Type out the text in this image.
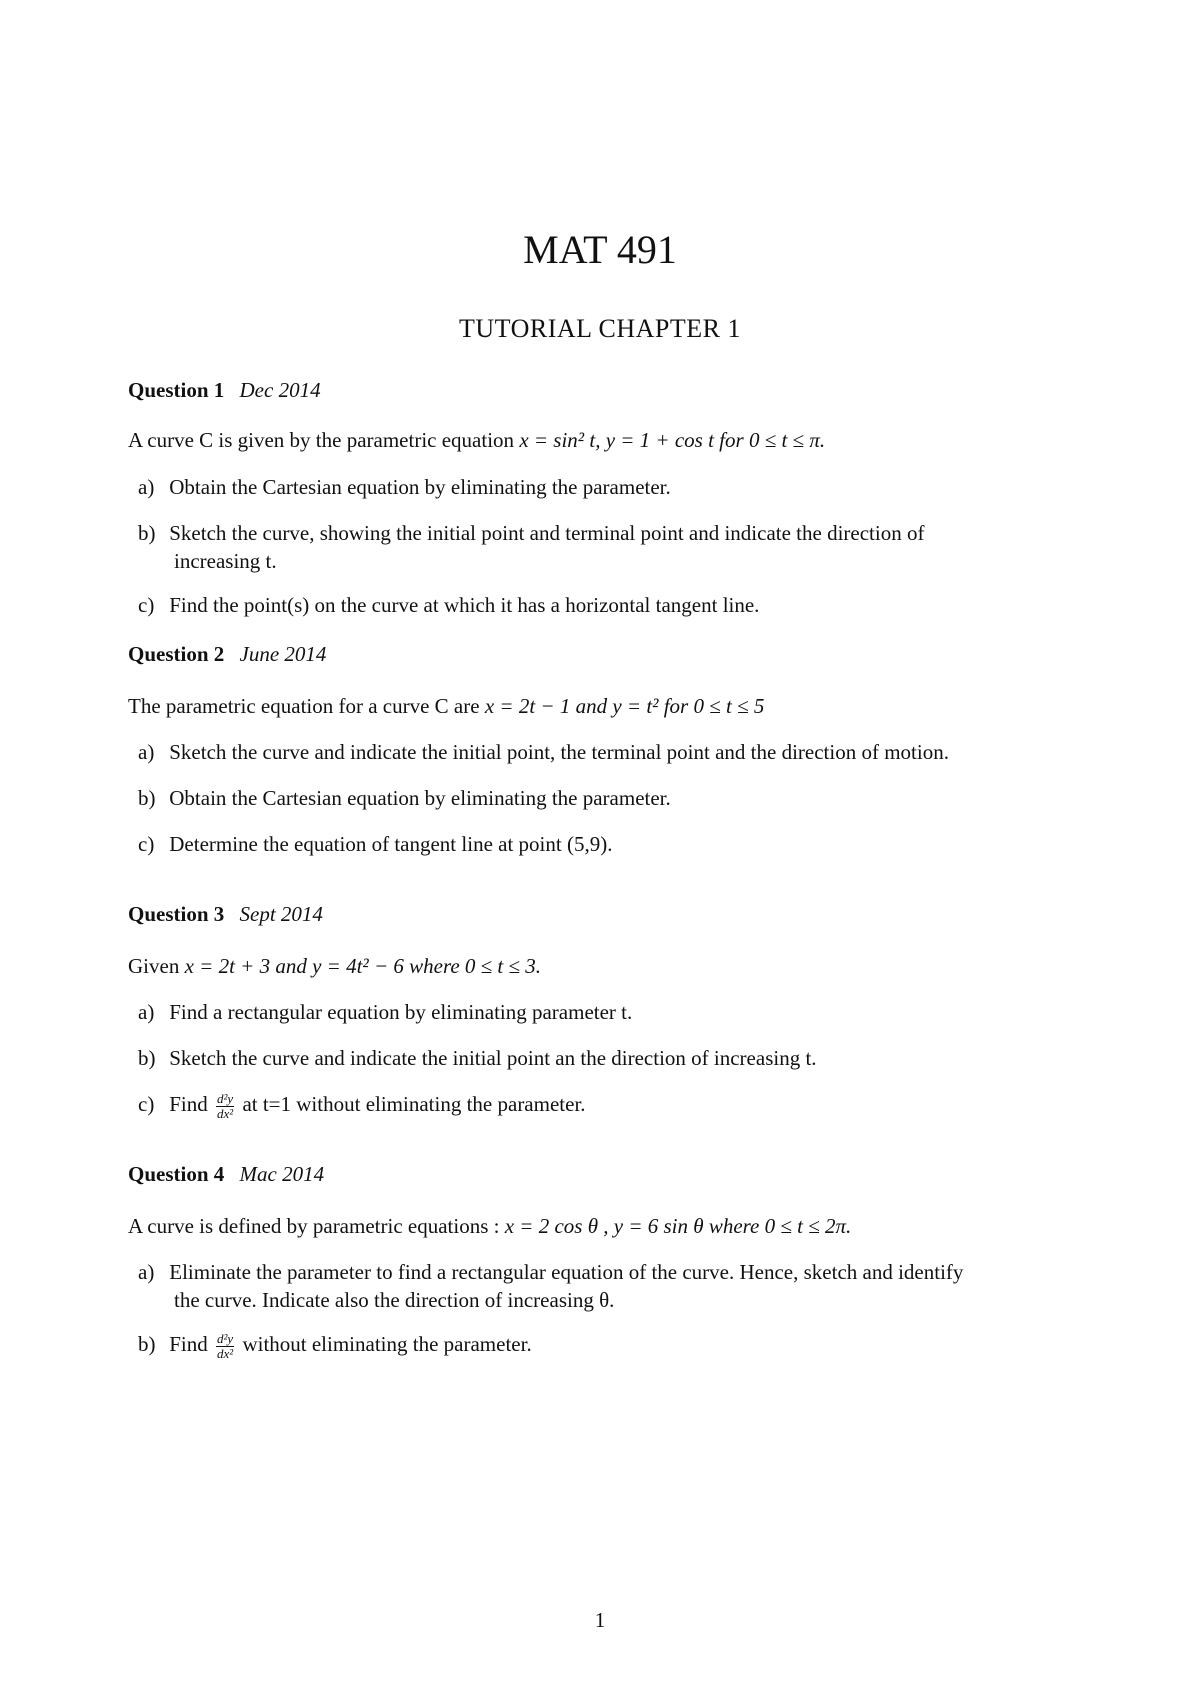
MAT 491
TUTORIAL CHAPTER 1

Question 1 Dec 2014

A curve C is given by the parametric equation x = sin² t, y = 1 + cos t for 0 ≤ t ≤ π.

a) Obtain the Cartesian equation by eliminating the parameter.
b) Sketch the curve, showing the initial point and terminal point and indicate the direction of
increasing t.
c) Find the point(s) on the curve at which it has a horizontal tangent line.

Question 2 June 2014

The parametric equation for a curve C are x = 2t − 1 and y = t² for 0 ≤ t ≤ 5

a) Sketch the curve and indicate the initial point, the terminal point and the direction of motion.
b) Obtain the Cartesian equation by eliminating the parameter.
c) Determine the equation of tangent line at point (5,9).

Question 3 Sept 2014

Given x = 2t + 3 and y = 4t² − 6 where 0 ≤ t ≤ 3.

a) Find a rectangular equation by eliminating parameter t.
b) Sketch the curve and indicate the initial point an the direction of increasing t.
c) Find $\frac{\text{d²y}}{\text{dx²}}$ at t=1 without eliminating the parameter.

Question 4 Mac 2014

A curve is defined by parametric equations : x = 2 cos θ , y = 6 sin θ where 0 ≤ t ≤ 2π.

a) Eliminate the parameter to find a rectangular equation of the curve. Hence, sketch and identify
the curve. Indicate also the direction of increasing θ.
b) Find $\frac{\text{d²y}}{\text{dx²}}$ without eliminating the parameter.
1
